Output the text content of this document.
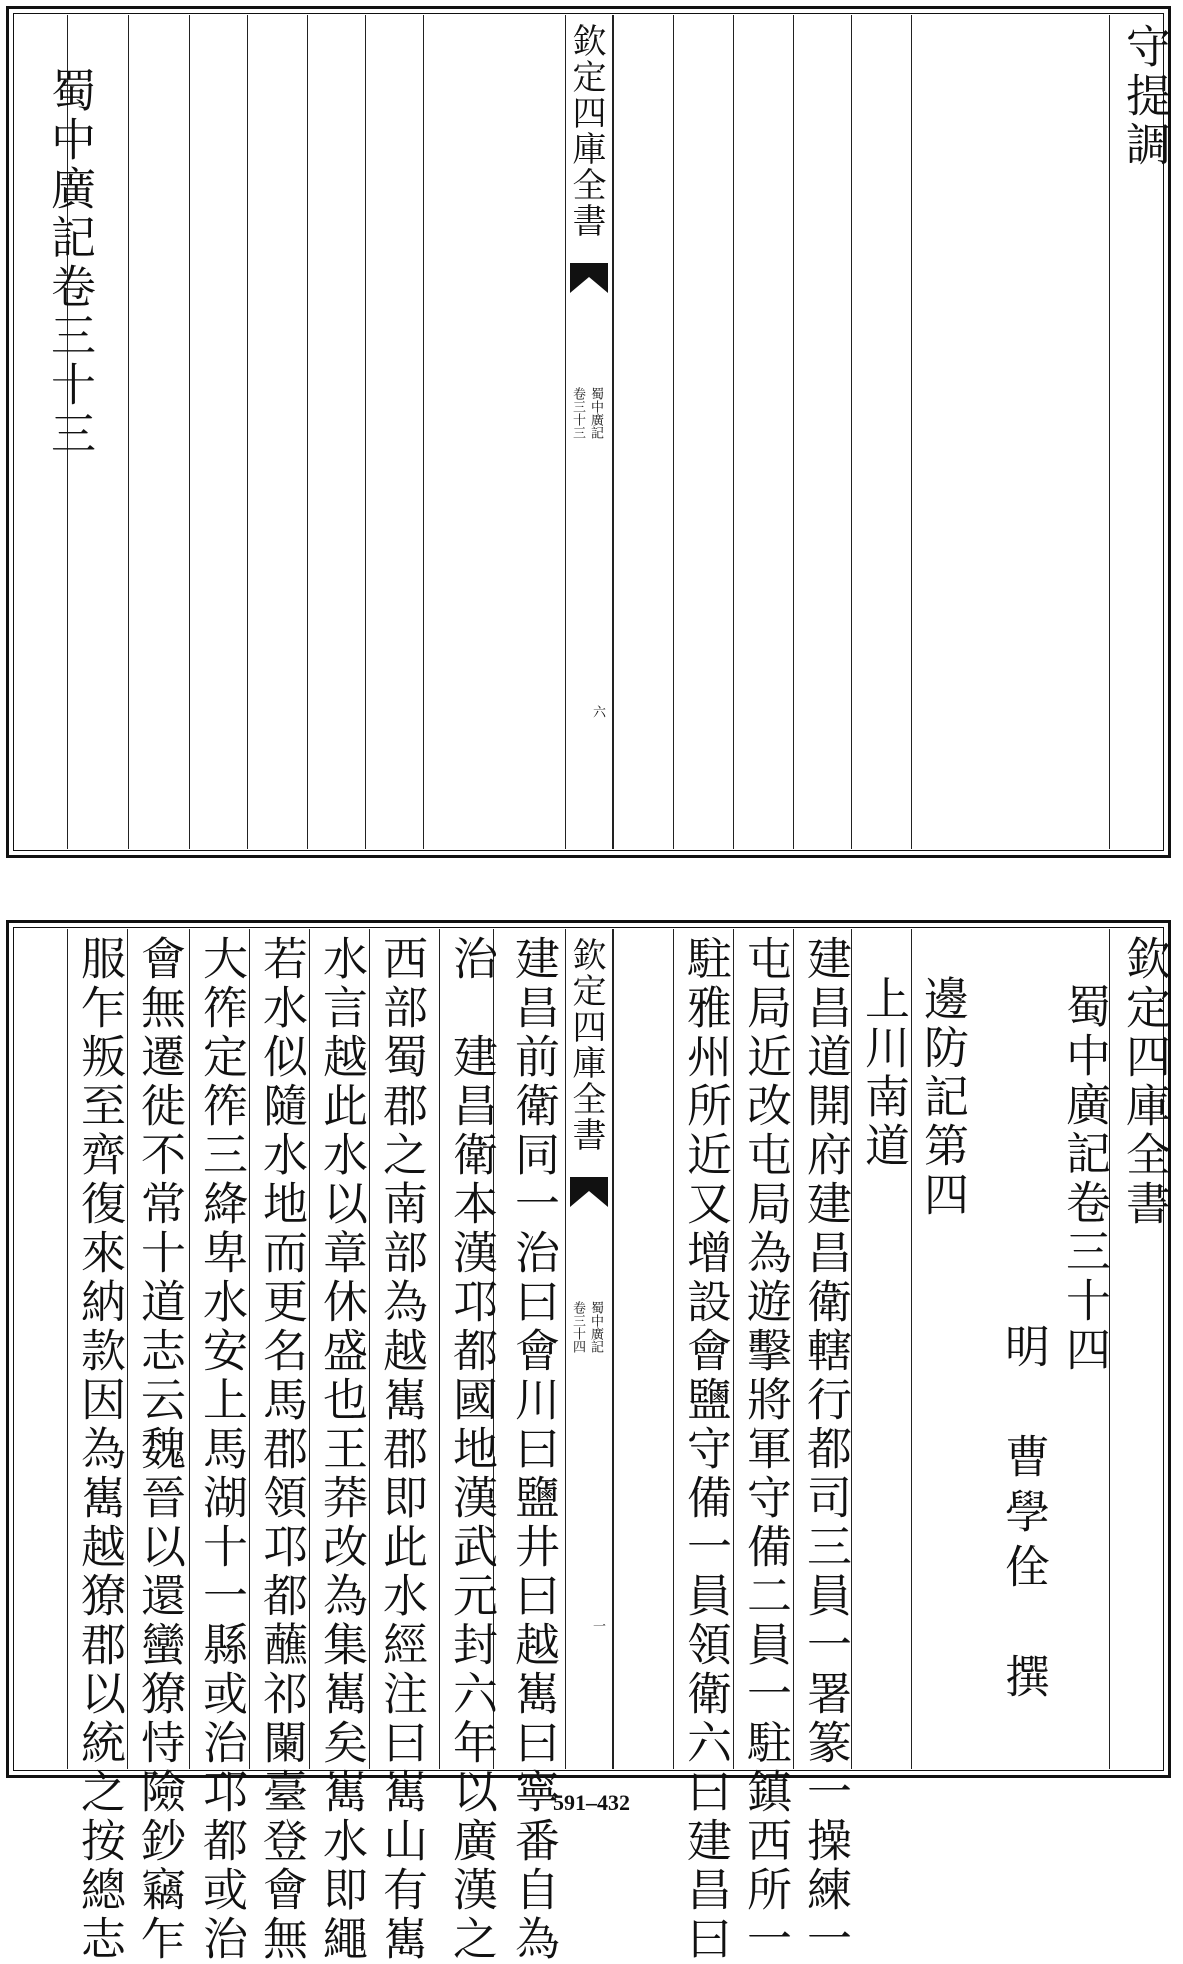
守提調
欽定四庫全書
蜀中廣記
卷三十三
六
蜀中廣記卷三十三
欽定四庫全書
蜀中廣記卷三十四
明　曹學佺　撰
邊防記第四
上川南道
建昌道開府建昌衛轄行都司三員一署篆一操練一
屯局近改屯局為遊擊將軍守備二員一駐鎮西所一
駐雅州所近又增設會鹽守備一員領衛六曰建昌曰
欽定四庫全書
蜀中廣記
卷三十四
一
建昌前衛同一治曰會川曰鹽井曰越嶲曰寧番自為
治　建昌衛本漢邛都國地漢武元封六年以廣漢之
西部蜀郡之南部為越嶲郡即此水經注曰嶲山有嶲
水言越此水以章休盛也王莽改為集嶲矣嶲水即繩
若水似隨水地而更名馬郡領邛都蘸祁闌臺登會無
大筰定筰三絳卑水安上馬湖十一縣或治邛都或治
會無遷徙不常十道志云魏晉以還蠻獠恃險鈔竊乍
服乍叛至齊復來納款因為嶲越獠郡以統之按總志	591–432
